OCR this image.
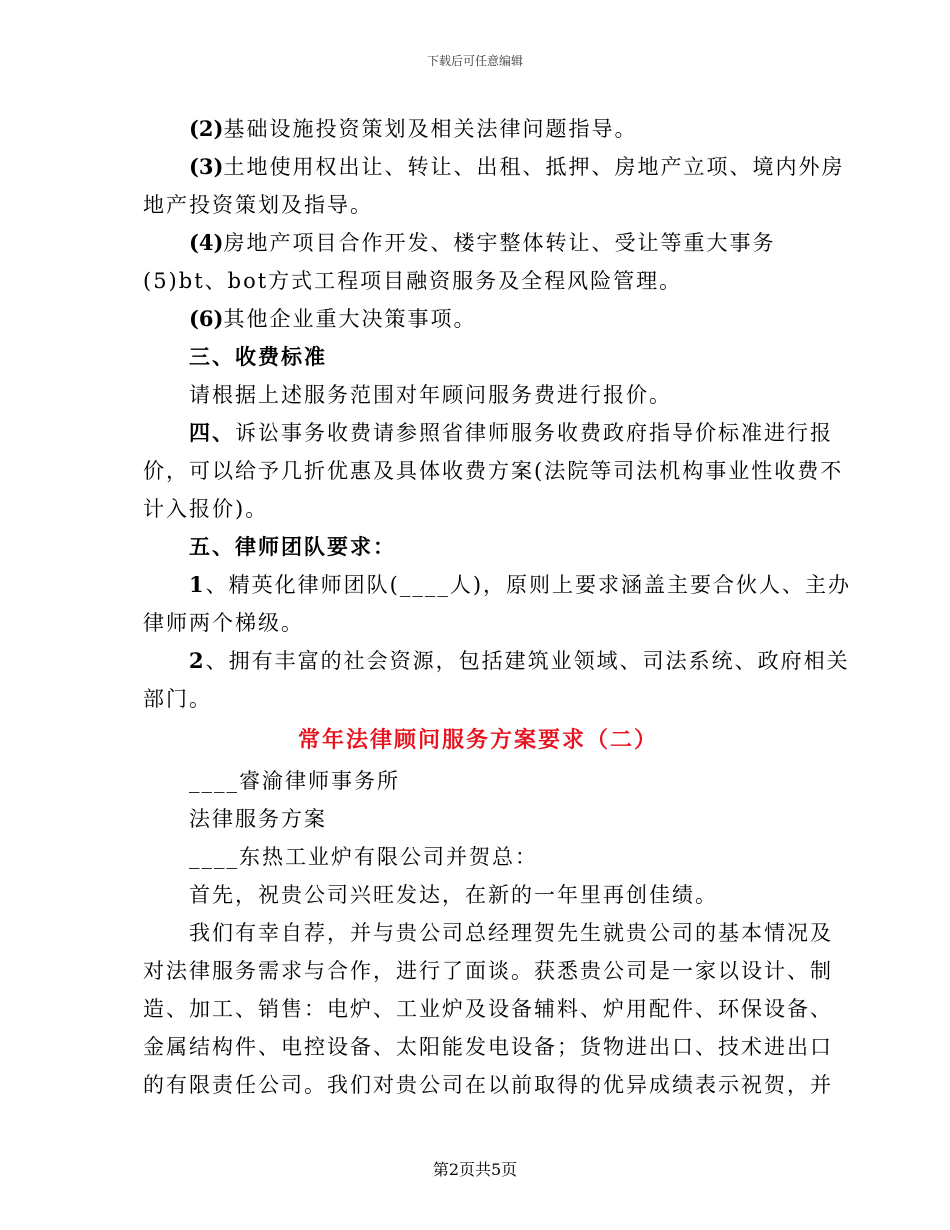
下载后可任意编辑

(2)基础设施投资策划及相关法律问题指导。

(3)土地使用权出让、转让、出租、抵押、房地产立项、境内外房

地产投资策划及指导。

(4)房地产项目合作开发、楼宇整体转让、受让等重大事务

(5)bt、bot方式工程项目融资服务及全程风险管理。

(6)其他企业重大决策事项。

三、收费标准

请根据上述服务范围对年顾问服务费进行报价。

四、诉讼事务收费请参照省律师服务收费政府指导价标准进行报

价，可以给予几折优惠及具体收费方案(法院等司法机构事业性收费不

计入报价)。

五、律师团队要求：

1、精英化律师团队(____人)，原则上要求涵盖主要合伙人、主办

律师两个梯级。

2、拥有丰富的社会资源，包括建筑业领域、司法系统、政府相关

部门。

常年法律顾问服务方案要求（二）

____睿渝律师事务所

法律服务方案

____东热工业炉有限公司并贺总：

首先，祝贵公司兴旺发达，在新的一年里再创佳绩。

我们有幸自荐，并与贵公司总经理贺先生就贵公司的基本情况及

对法律服务需求与合作，进行了面谈。获悉贵公司是一家以设计、制

造、加工、销售：电炉、工业炉及设备辅料、炉用配件、环保设备、

金属结构件、电控设备、太阳能发电设备；货物进出口、技术进出口

的有限责任公司。我们对贵公司在以前取得的优异成绩表示祝贺，并

第2页共5页
